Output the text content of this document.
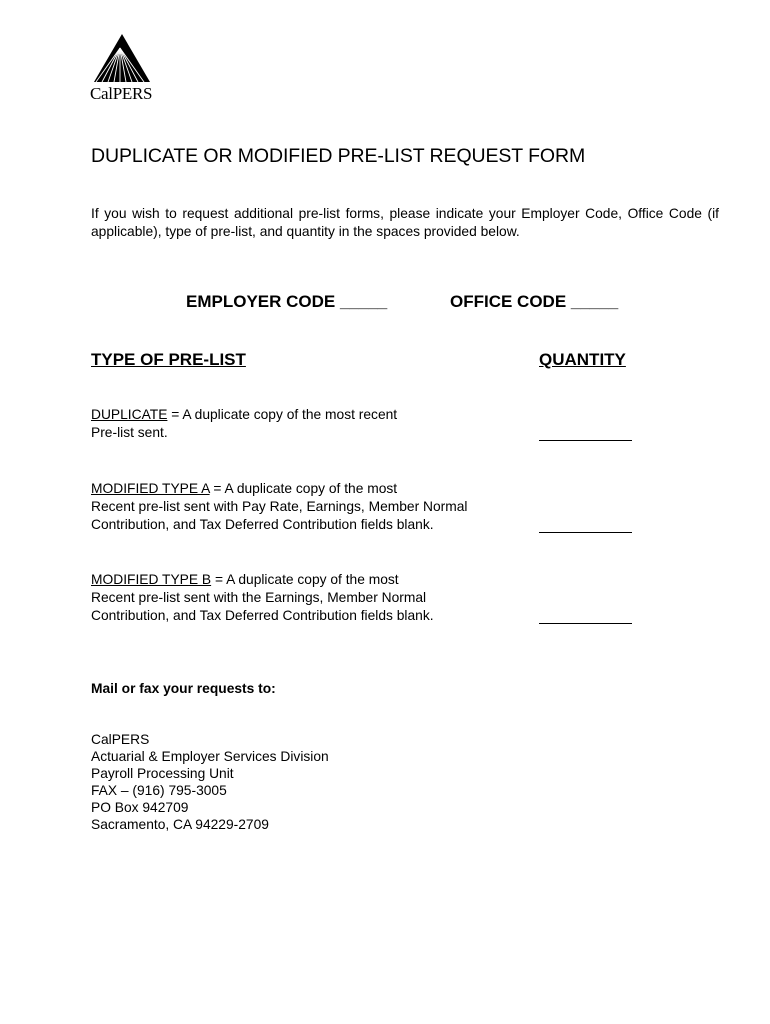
CalPERS
DUPLICATE OR MODIFIED PRE-LIST REQUEST FORM
If you wish to request additional pre-list forms, please indicate your Employer Code, Office Code (if applicable), type of pre-list, and quantity in the spaces provided below.
EMPLOYER CODE _____	OFFICE CODE _____
TYPE OF PRE-LIST	QUANTITY
DUPLICATE = A duplicate copy of the most recent
Pre-list sent.
MODIFIED TYPE A = A duplicate copy of the most
Recent pre-list sent with Pay Rate, Earnings, Member Normal
Contribution, and Tax Deferred Contribution fields blank.
MODIFIED TYPE B = A duplicate copy of the most
Recent pre-list sent with the Earnings, Member Normal
Contribution, and Tax Deferred Contribution fields blank.
Mail or fax your requests to:
CalPERS
Actuarial & Employer Services Division
Payroll Processing Unit
FAX – (916) 795-3005
PO Box 942709
Sacramento, CA 94229-2709
